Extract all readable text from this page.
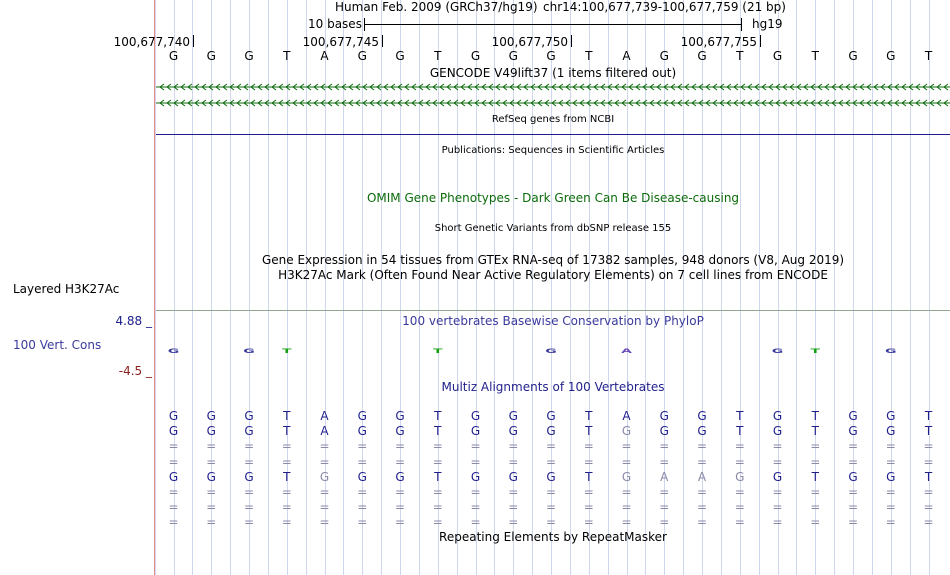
Human Feb. 2009 (GRCh37/hg19) chr14:100,677,739-100,677,759 (21 bp)
10 bases	hg19
100,677,740	100,677,745	100,677,750	100,677,755
G	G	G	T	A	G	G	T	G	G	G	T	A	G	G	T	G	T	G	G	T
GENCODE V49lift37 (1 items filtered out)
RefSeq genes from NCBI
Publications: Sequences in Scientific Articles
OMIM Gene Phenotypes - Dark Green Can Be Disease-causing
Short Genetic Variants from dbSNP release 155
Gene Expression in 54 tissues from GTEx RNA-seq of 17382 samples, 948 donors (V8, Aug 2019)
H3K27Ac Mark (Often Found Near Active Regulatory Elements) on 7 cell lines from ENCODE
100 vertebrates Basewise Conservation by PhyloP
4.88 _
-4.5 _
G	G	T	T	G	A	G	T	G
Multiz Alignments of 100 Vertebrates
G	G	G	T	A	G	G	T	G	G	G	T	A	G	G	T	G	T	G	G	T
G	G	G	T	A	G	G	T	G	G	G	T	G	G	G	T	G	T	G	G	T
=	=	=	=	=	=	=	=	=	=	=	=	=	=	=	=	=	=	=	=	=
=	=	=	=	=	=	=	=	=	=	=	=	=	=	=	=	=	=	=	=	=
G	G	G	T	G	G	G	T	G	G	G	T	G	A	A	G	G	T	G	G	T
=	=	=	=	=	=	=	=	=	=	=	=	=	=	=	=	=	=	=	=	=
=	=	=	=	=	=	=	=	=	=	=	=	=	=	=	=	=	=	=	=	=
=	=	=	=	=	=	=	=	=	=	=	=	=	=	=	=	=	=	=	=	=
Repeating Elements by RepeatMasker
Layered H3K27Ac
100 Vert. Cons
